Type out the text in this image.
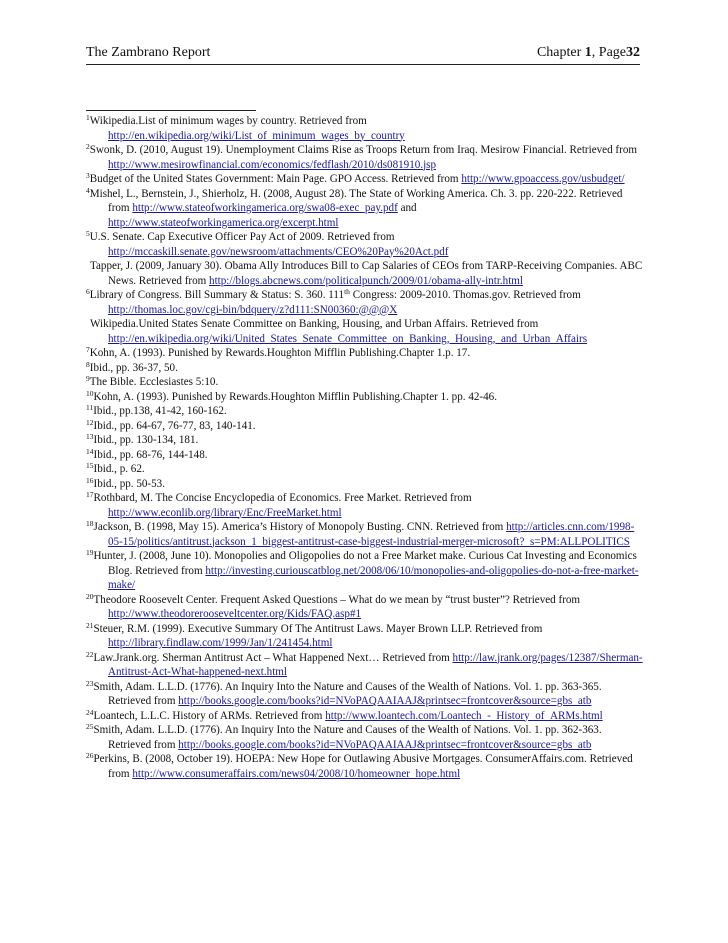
The Zambrano Report	Chapter 1, Page32

$^1$Wikipedia.List of minimum wages by country. Retrieved from http://en.wikipedia.org/wiki/List_of_minimum_wages_by_country

$^2$Swonk, D. (2010, August 19). Unemployment Claims Rise as Troops Return from Iraq. Mesirow Financial. Retrieved from http://www.mesirowfinancial.com/economics/fedflash/2010/ds081910.jsp

$^3$Budget of the United States Government: Main Page. GPO Access. Retrieved from http://www.gpoaccess.gov/usbudget/

$^4$Mishel, L., Bernstein, J., Shierholz, H. (2008, August 28). The State of Working America. Ch. 3. pp. 220-222. Retrieved from http://www.stateofworkingamerica.org/swa08-exec_pay.pdf and http://www.stateofworkingamerica.org/excerpt.html

$^5$U.S. Senate. Cap Executive Officer Pay Act of 2009. Retrieved from http://mccaskill.senate.gov/newsroom/attachments/CEO%20Pay%20Act.pdf

Tapper, J. (2009, January 30). Obama Ally Introduces Bill to Cap Salaries of CEOs from TARP-Receiving Companies. ABC News. Retrieved from http://blogs.abcnews.com/politicalpunch/2009/01/obama-ally-intr.html

$^6$Library of Congress. Bill Summary & Status: S. 360. 111th Congress: 2009-2010. Thomas.gov. Retrieved from http://thomas.loc.gov/cgi-bin/bdquery/z?d111:SN00360:@@@X

Wikipedia.United States Senate Committee on Banking, Housing, and Urban Affairs. Retrieved from http://en.wikipedia.org/wiki/United_States_Senate_Committee_on_Banking,_Housing,_and_Urban_Affairs

$^7$Kohn, A. (1993). Punished by Rewards.Houghton Mifflin Publishing.Chapter 1.p. 17.

$^8$Ibid., pp. 36-37, 50.

$^9$The Bible. Ecclesiastes 5:10.

$^{10}$Kohn, A. (1993). Punished by Rewards.Houghton Mifflin Publishing.Chapter 1. pp. 42-46.

$^{11}$Ibid., pp.138, 41-42, 160-162.

$^{12}$Ibid., pp. 64-67, 76-77, 83, 140-141.

$^{13}$Ibid., pp. 130-134, 181.

$^{14}$Ibid., pp. 68-76, 144-148.

$^{15}$Ibid., p. 62.

$^{16}$Ibid., pp. 50-53.

$^{17}$Rothbard, M. The Concise Encyclopedia of Economics. Free Market. Retrieved from http://www.econlib.org/library/Enc/FreeMarket.html

$^{18}$Jackson, B. (1998, May 15). America’s History of Monopoly Busting. CNN. Retrieved from http://articles.cnn.com/1998-05-15/politics/antitrust.jackson_1_biggest-antitrust-case-biggest-industrial-merger-microsoft?_s=PM:ALLPOLITICS

$^{19}$Hunter, J. (2008, June 10). Monopolies and Oligopolies do not a Free Market make. Curious Cat Investing and Economics Blog. Retrieved from http://investing.curiouscatblog.net/2008/06/10/monopolies-and-oligopolies-do-not-a-free-market-make/

$^{20}$Theodore Roosevelt Center. Frequent Asked Questions – What do we mean by “trust buster”? Retrieved from http://www.theodorerooseveltcenter.org/Kids/FAQ.asp#1

$^{21}$Steuer, R.M. (1999). Executive Summary Of The Antitrust Laws. Mayer Brown LLP. Retrieved from http://library.findlaw.com/1999/Jan/1/241454.html

$^{22}$Law.Jrank.org. Sherman Antitrust Act – What Happened Next… Retrieved from http://law.jrank.org/pages/12387/Sherman-Antitrust-Act-What-happened-next.html

$^{23}$Smith, Adam. L.L.D. (1776). An Inquiry Into the Nature and Causes of the Wealth of Nations. Vol. 1. pp. 363-365. Retrieved from http://books.google.com/books?id=NVoPAQAAIAAJ&printsec=frontcover&source=gbs_atb

$^{24}$Loantech, L.L.C. History of ARMs. Retrieved from http://www.loantech.com/Loantech_-_History_of_ARMs.html

$^{25}$Smith, Adam. L.L.D. (1776). An Inquiry Into the Nature and Causes of the Wealth of Nations. Vol. 1. pp. 362-363. Retrieved from http://books.google.com/books?id=NVoPAQAAIAAJ&printsec=frontcover&source=gbs_atb

$^{26}$Perkins, B. (2008, October 19). HOEPA: New Hope for Outlawing Abusive Mortgages. ConsumerAffairs.com. Retrieved from http://www.consumeraffairs.com/news04/2008/10/homeowner_hope.html
